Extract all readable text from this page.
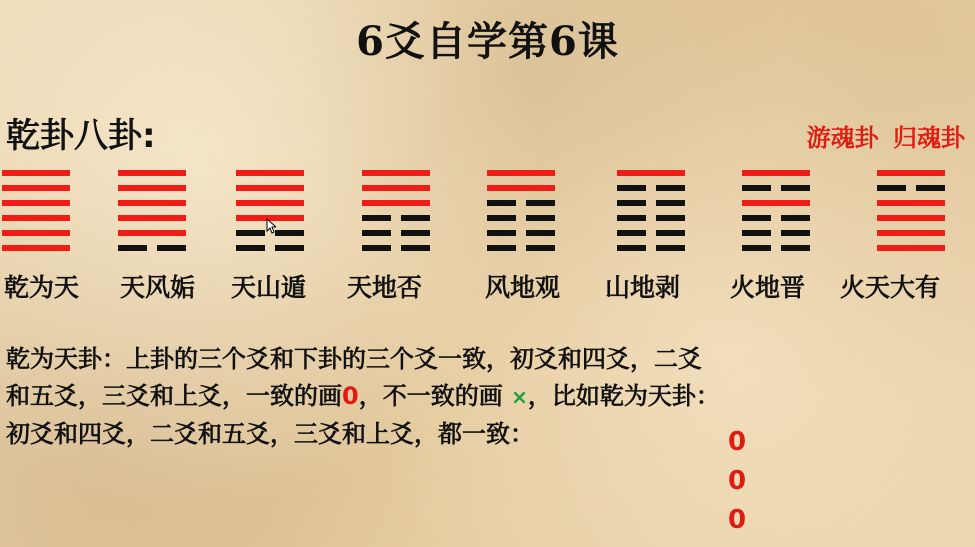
6爻自学第6课
乾卦八卦:	游魂卦 归魂卦
乾为天 天风姤 天山遁 天地否	风地观 山地剥 火地晋 火天大有
乾为天卦：上卦的三个爻和下卦的三个爻一致，初爻和四爻，二爻
和五爻，三爻和上爻，一致的画0，不一致的画 ×，比如乾为天卦：
初爻和四爻，二爻和五爻，三爻和上爻，都一致：	0
0
0
